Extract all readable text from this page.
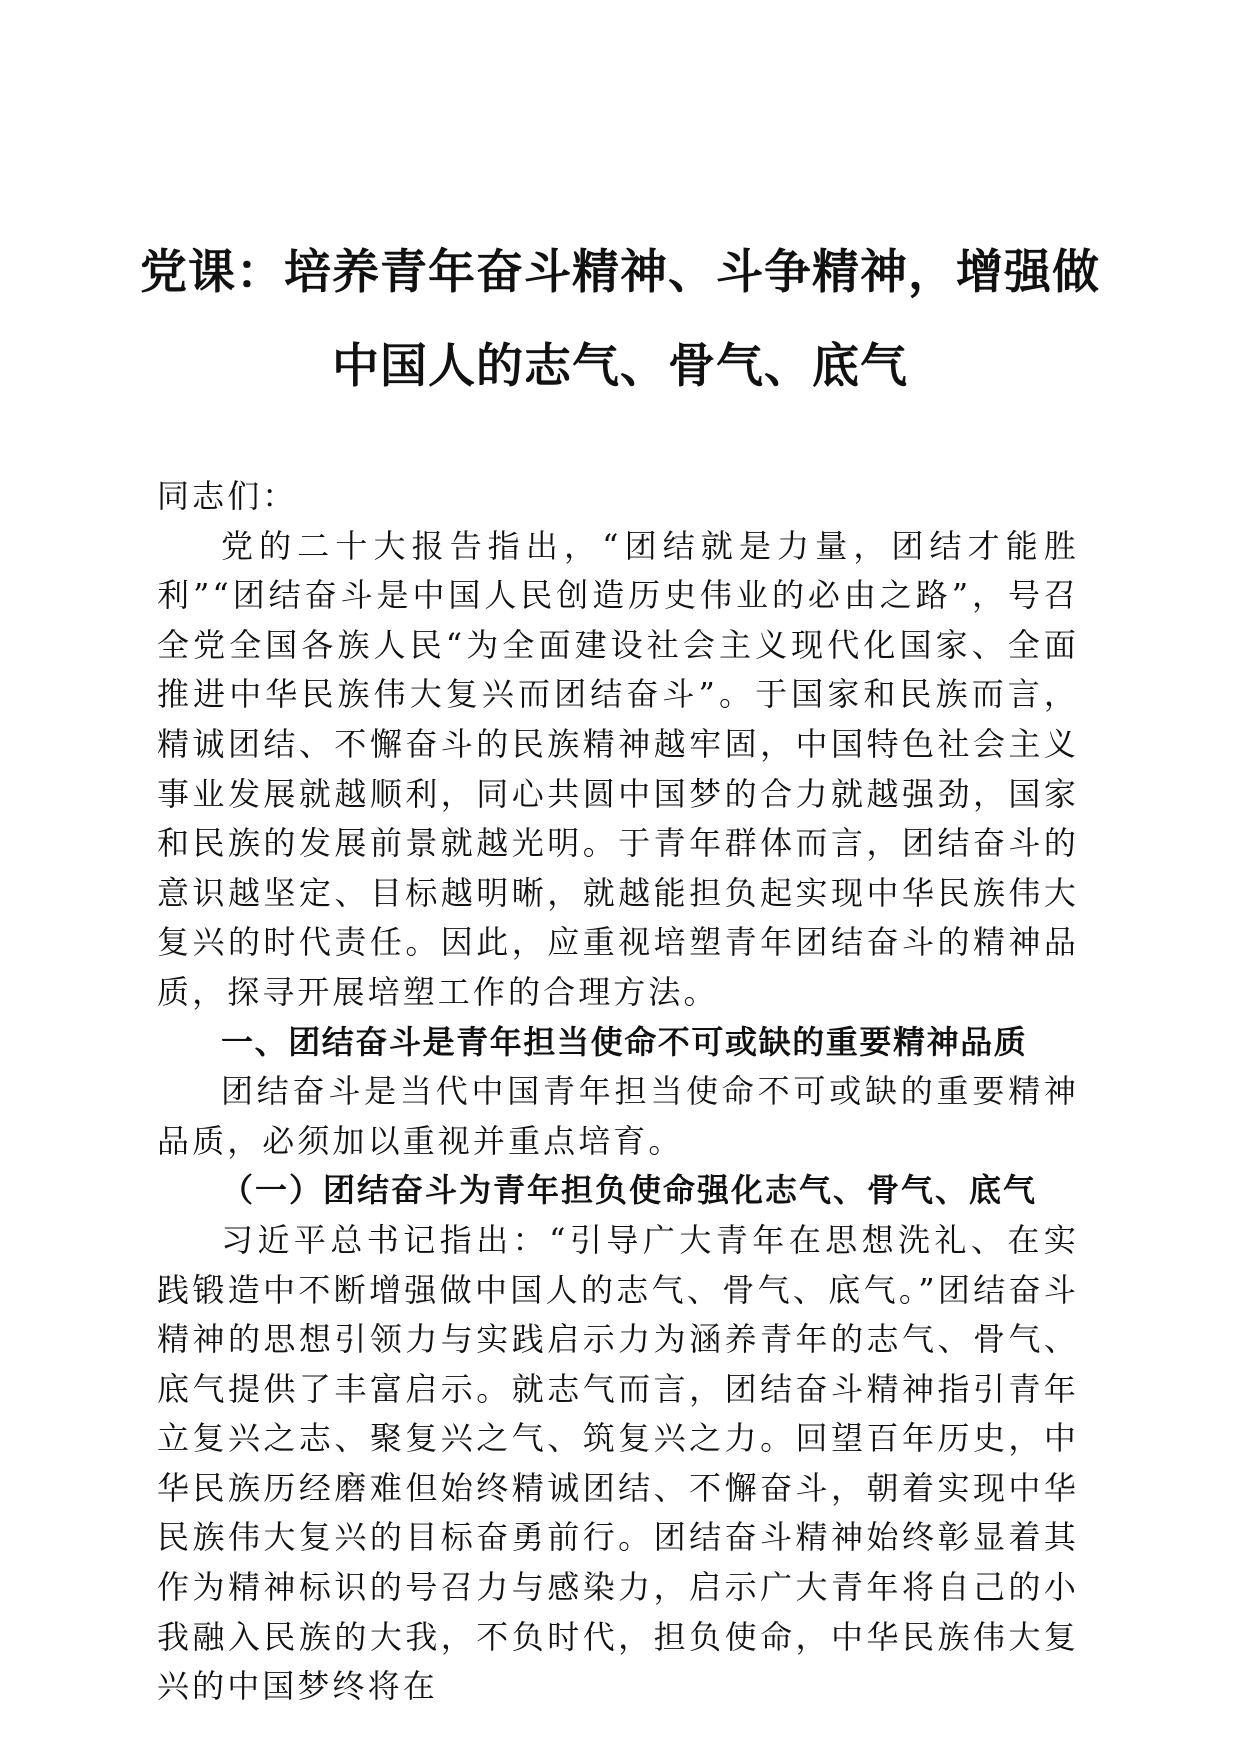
党课：培养青年奋斗精神、斗争精神，增强做
中国人的志气、骨气、底气

同志们：

党的二十大报告指出，“团结就是力量，团结才能胜利”“团结奋斗是中国人民创造历史伟业的必由之路”，号召全党全国各族人民“为全面建设社会主义现代化国家、全面推进中华民族伟大复兴而团结奋斗”。于国家和民族而言，精诚团结、不懈奋斗的民族精神越牢固，中国特色社会主义事业发展就越顺利，同心共圆中国梦的合力就越强劲，国家和民族的发展前景就越光明。于青年群体而言，团结奋斗的意识越坚定、目标越明晰，就越能担负起实现中华民族伟大复兴的时代责任。因此，应重视培塑青年团结奋斗的精神品质，探寻开展培塑工作的合理方法。

一、团结奋斗是青年担当使命不可或缺的重要精神品质

团结奋斗是当代中国青年担当使命不可或缺的重要精神品质，必须加以重视并重点培育。

（一）团结奋斗为青年担负使命强化志气、骨气、底气

习近平总书记指出：“引导广大青年在思想洗礼、在实践锻造中不断增强做中国人的志气、骨气、底气。”团结奋斗精神的思想引领力与实践启示力为涵养青年的志气、骨气、底气提供了丰富启示。就志气而言，团结奋斗精神指引青年立复兴之志、聚复兴之气、筑复兴之力。回望百年历史，中华民族历经磨难但始终精诚团结、不懈奋斗，朝着实现中华民族伟大复兴的目标奋勇前行。团结奋斗精神始终彰显着其作为精神标识的号召力与感染力，启示广大青年将自己的小我融入民族的大我，不负时代，担负使命，中华民族伟大复兴的中国梦终将在
